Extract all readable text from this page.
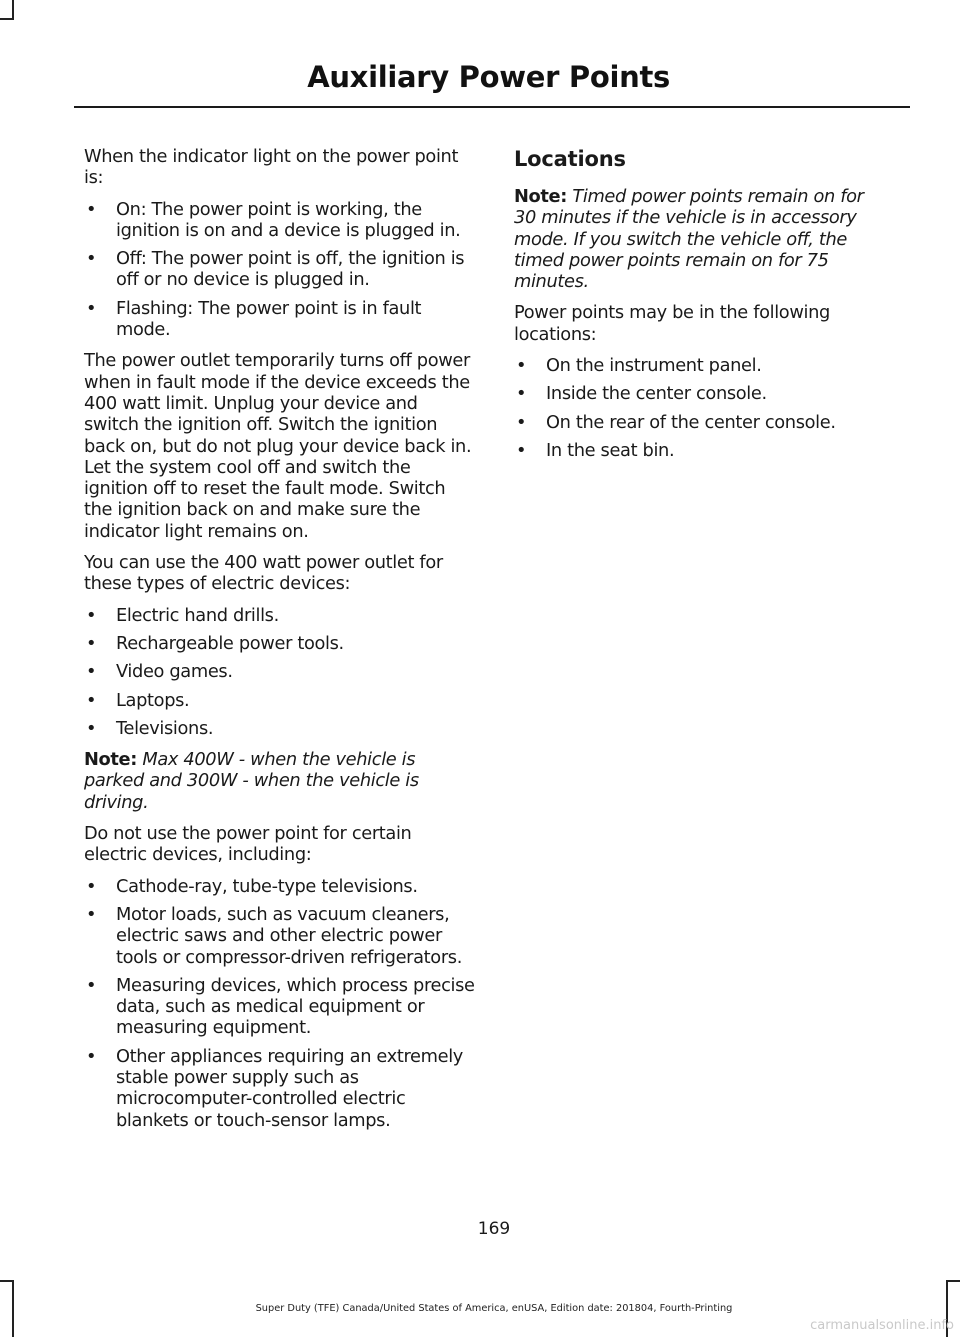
Auxiliary Power Points

When the indicator light on the power point is:

• On: The power point is working, the ignition is on and a device is plugged in.
• Off: The power point is off, the ignition is off or no device is plugged in.
• Flashing: The power point is in fault mode.

The power outlet temporarily turns off power when in fault mode if the device exceeds the 400 watt limit. Unplug your device and switch the ignition off. Switch the ignition back on, but do not plug your device back in. Let the system cool off and switch the ignition off to reset the fault mode. Switch the ignition back on and make sure the indicator light remains on.

You can use the 400 watt power outlet for these types of electric devices:

• Electric hand drills.
• Rechargeable power tools.
• Video games.
• Laptops.
• Televisions.

Note: Max 400W - when the vehicle is parked and 300W - when the vehicle is driving.

Do not use the power point for certain electric devices, including:

• Cathode-ray, tube-type televisions.
• Motor loads, such as vacuum cleaners, electric saws and other electric power tools or compressor-driven refrigerators.
• Measuring devices, which process precise data, such as medical equipment or measuring equipment.
• Other appliances requiring an extremely stable power supply such as microcomputer-controlled electric blankets or touch-sensor lamps.
Locations

Note: Timed power points remain on for 30 minutes if the vehicle is in accessory mode. If you switch the vehicle off, the timed power points remain on for 75 minutes.

Power points may be in the following locations:

• On the instrument panel.
• Inside the center console.
• On the rear of the center console.
• In the seat bin.
169
Super Duty (TFE) Canada/United States of America, enUSA, Edition date: 201804, Fourth-Printing
carmanualsonline.info
